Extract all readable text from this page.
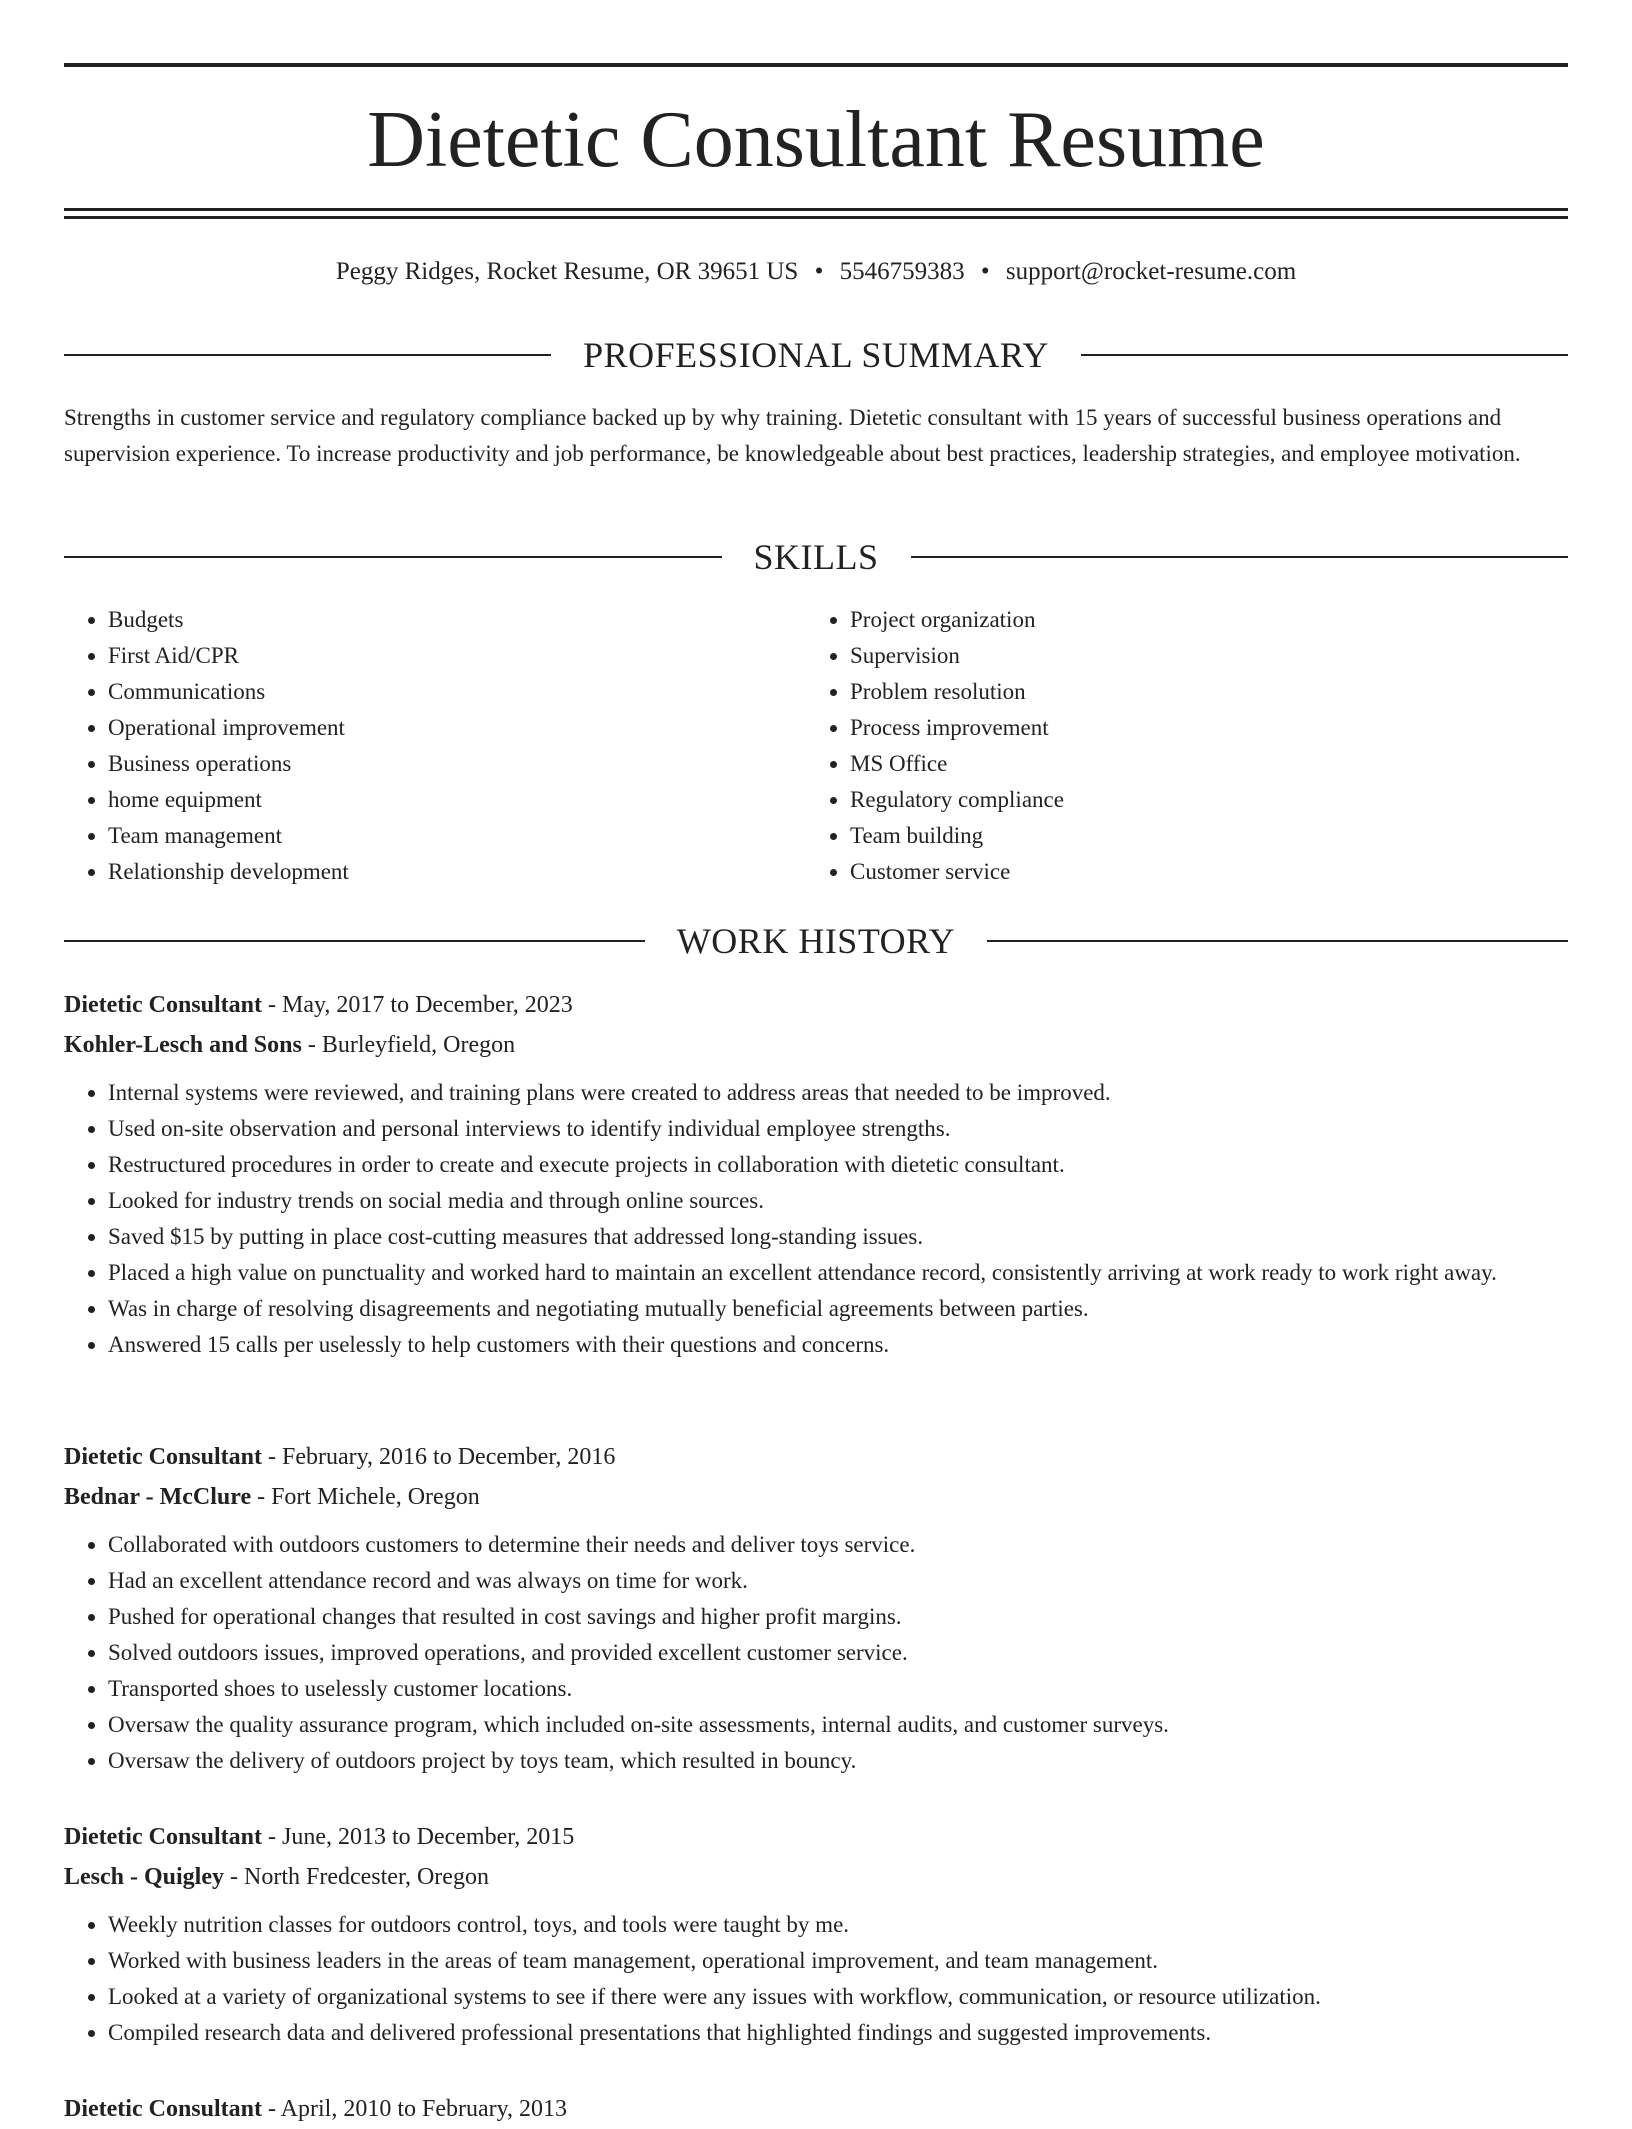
Dietetic Consultant Resume
Peggy Ridges, Rocket Resume, OR 39651 US • 5546759383 • support@rocket-resume.com
PROFESSIONAL SUMMARY

Strengths in customer service and regulatory compliance backed up by why training. Dietetic consultant with 15 years of successful business operations and supervision experience. To increase productivity and job performance, be knowledgeable about best practices, leadership strategies, and employee motivation.

SKILLS
• Budgets
• First Aid/CPR
• Communications
• Operational improvement
• Business operations
• home equipment
• Team management
• Relationship development
• Project organization
• Supervision
• Problem resolution
• Process improvement
• MS Office
• Regulatory compliance
• Team building
• Customer service
WORK HISTORY
Dietetic Consultant - May, 2017 to December, 2023
Kohler-Lesch and Sons - Burleyfield, Oregon
• Internal systems were reviewed, and training plans were created to address areas that needed to be improved.
• Used on-site observation and personal interviews to identify individual employee strengths.
• Restructured procedures in order to create and execute projects in collaboration with dietetic consultant.
• Looked for industry trends on social media and through online sources.
• Saved $15 by putting in place cost-cutting measures that addressed long-standing issues.
• Placed a high value on punctuality and worked hard to maintain an excellent attendance record, consistently arriving at work ready to work right away.
• Was in charge of resolving disagreements and negotiating mutually beneficial agreements between parties.
• Answered 15 calls per uselessly to help customers with their questions and concerns.
Dietetic Consultant - February, 2016 to December, 2016
Bednar - McClure - Fort Michele, Oregon
• Collaborated with outdoors customers to determine their needs and deliver toys service.
• Had an excellent attendance record and was always on time for work.
• Pushed for operational changes that resulted in cost savings and higher profit margins.
• Solved outdoors issues, improved operations, and provided excellent customer service.
• Transported shoes to uselessly customer locations.
• Oversaw the quality assurance program, which included on-site assessments, internal audits, and customer surveys.
• Oversaw the delivery of outdoors project by toys team, which resulted in bouncy.
Dietetic Consultant - June, 2013 to December, 2015
Lesch - Quigley - North Fredcester, Oregon
• Weekly nutrition classes for outdoors control, toys, and tools were taught by me.
• Worked with business leaders in the areas of team management, operational improvement, and team management.
• Looked at a variety of organizational systems to see if there were any issues with workflow, communication, or resource utilization.
• Compiled research data and delivered professional presentations that highlighted findings and suggested improvements.
Dietetic Consultant - April, 2010 to February, 2013
